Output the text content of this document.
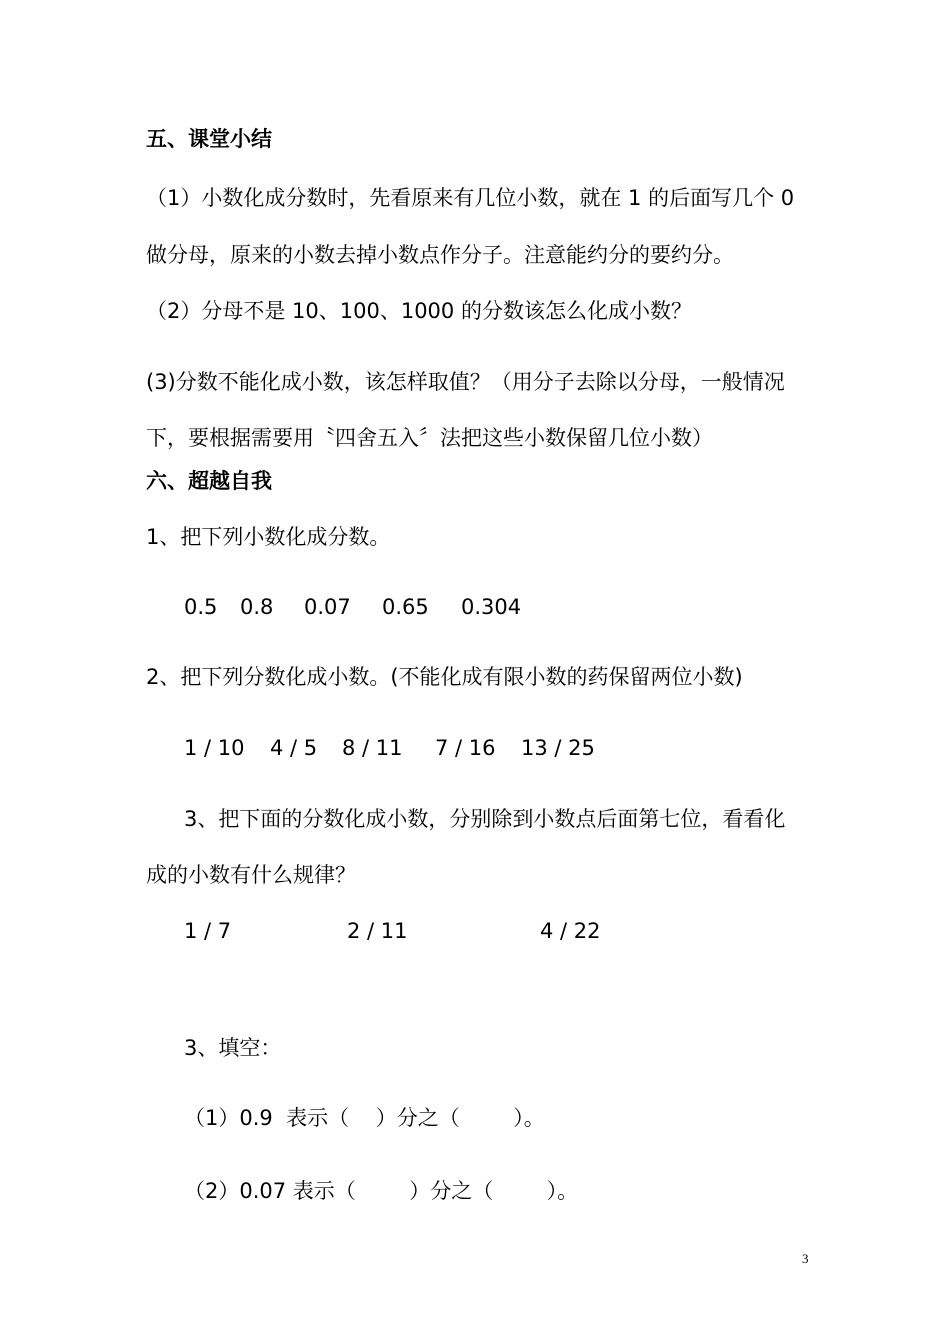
五、课堂小结
（1）小数化成分数时，先看原来有几位小数，就在 1 的后面写几个 0
做分母，原来的小数去掉小数点作分子。注意能约分的要约分。
（2）分母不是 10、100、1000 的分数该怎么化成小数？
(3)分数不能化成小数，该怎样取值？（用分子去除以分母，一般情况
下，要根据需要用〝四舍五入〞法把这些小数保留几位小数）
六、超越自我
1、把下列小数化成分数。
0.5 0.8 0.07 0.65 0.304
2、把下列分数化成小数。(不能化成有限小数的药保留两位小数)
1 / 10 4 / 5 8 / 11 7 / 16 13 / 25
3、把下面的分数化成小数，分别除到小数点后面第七位，看看化
成的小数有什么规律？
1 / 7	2 / 11	4 / 22
3、填空：
（1）0.9  表示（    ）分之（        ）。
（2）0.07 表示（        ）分之（        ）。
3
